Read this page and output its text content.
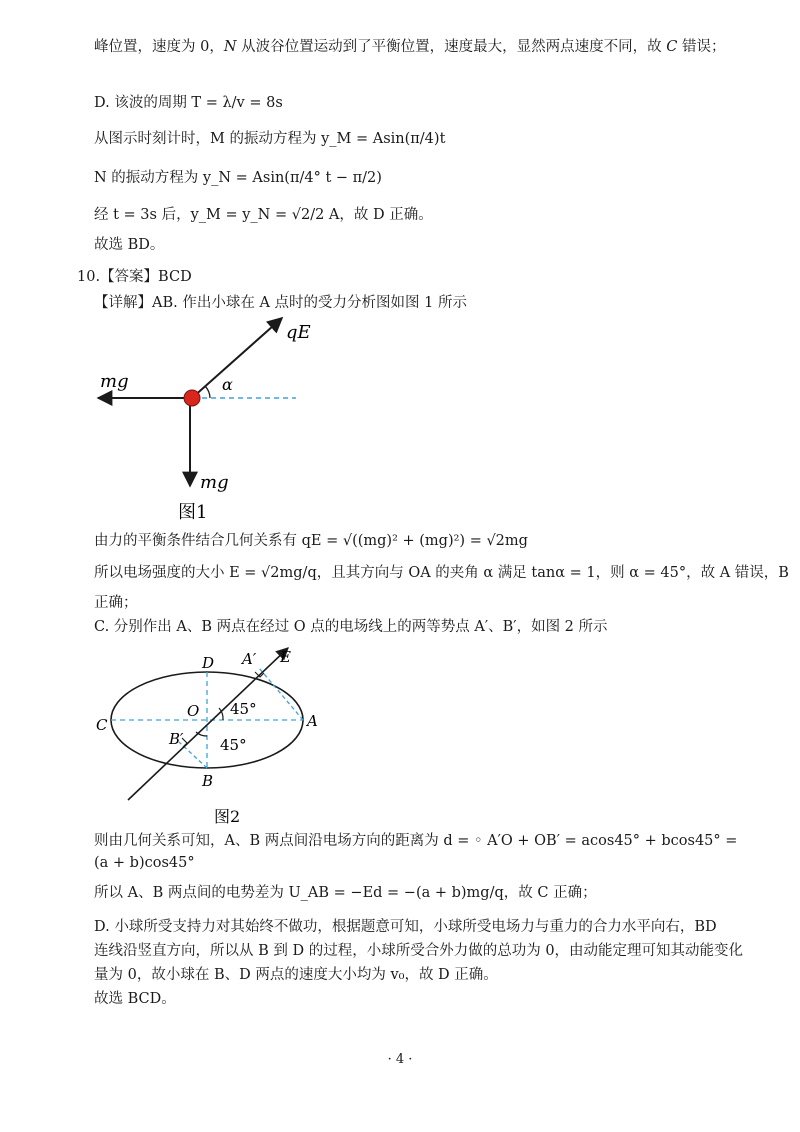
峰位置，速度为 0，N 从波谷位置运动到了平衡位置，速度最大，显然两点速度不同，故 C 错误；
D. 该波的周期 T = λ/v = 8s
从图示时刻计时，M 的振动方程为 y_M = Asin(π/4)t
N 的振动方程为 y_N = Asin(π/4° t − π/2)
经 t = 3s 后，y_M = y_N = √2/2 A，故 D 正确。
故选 BD。
10.【答案】BCD
【详解】AB. 作出小球在 A 点时的受力分析图如图 1 所示
qE
mg	α
mg
图1
由力的平衡条件结合几何关系有 qE = √((mg)² + (mg)²) = √2mg
所以电场强度的大小 E = √2mg/q，且其方向与 OA 的夹角 α 满足 tanα = 1，则 α = 45°，故 A 错误，B
正确；
C. 分别作出 A、B 两点在经过 O 点的电场线上的两等势点 A′、B′，如图 2 所示
D A′ E
C
O 45°
A
B′ 45°
B
图2
则由几何关系可知，A、B 两点间沿电场方向的距离为 d = ◦ A′O + OB′ = acos45° + bcos45° =
(a + b)cos45°
所以 A、B 两点间的电势差为 U_AB = −Ed = −(a + b)mg/q，故 C 正确；
D. 小球所受支持力对其始终不做功，根据题意可知，小球所受电场力与重力的合力水平向右，BD
连线沿竖直方向，所以从 B 到 D 的过程，小球所受合外力做的总功为 0，由动能定理可知其动能变化
量为 0，故小球在 B、D 两点的速度大小均为 v₀，故 D 正确。
故选 BCD。
· 4 ·
